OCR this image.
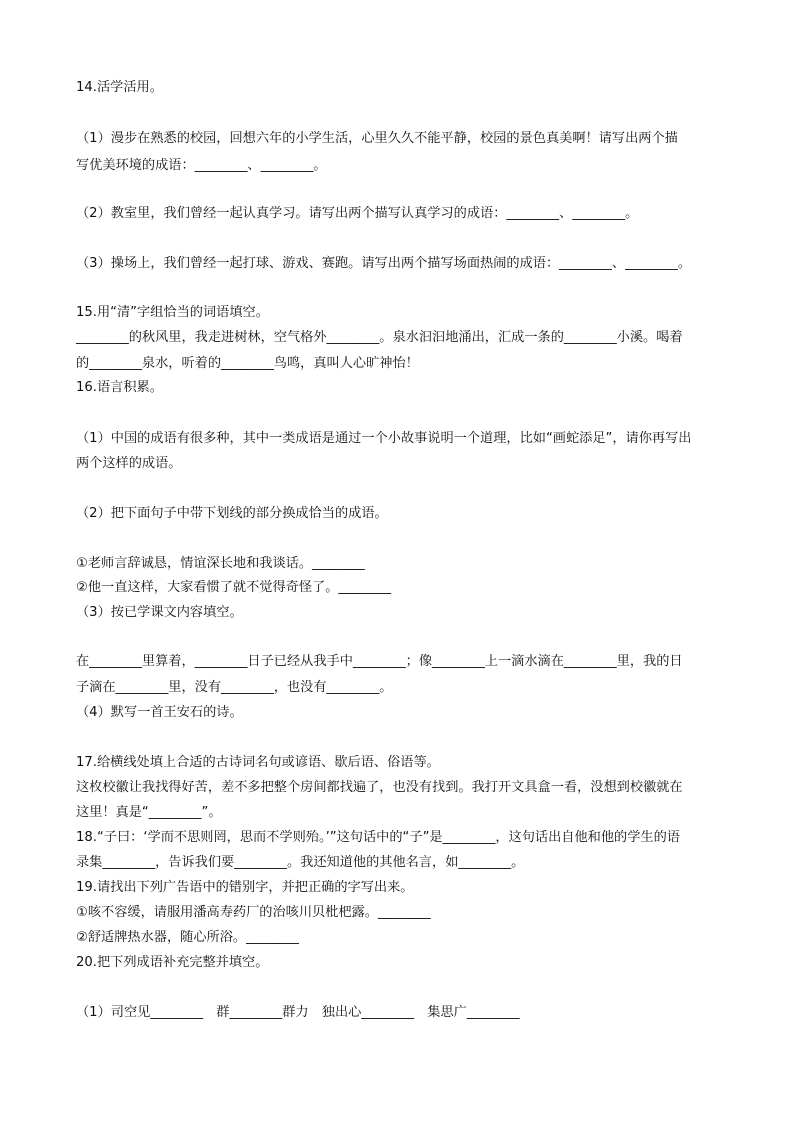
14.活学活用。
（1）漫步在熟悉的校园，回想六年的小学生活，心里久久不能平静，校园的景色真美啊！请写出两个描
写优美环境的成语：________、________。
（2）教室里，我们曾经一起认真学习。请写出两个描写认真学习的成语：________、________。
（3）操场上，我们曾经一起打球、游戏、赛跑。请写出两个描写场面热闹的成语：________、________。
15.用“清”字组恰当的词语填空。
________的秋风里，我走进树林，空气格外________。泉水汩汩地涌出，汇成一条的________小溪。喝着
的________泉水，听着的________鸟鸣，真叫人心旷神怡！
16.语言积累。
（1）中国的成语有很多种，其中一类成语是通过一个小故事说明一个道理，比如“画蛇添足”，请你再写出
两个这样的成语。
（2）把下面句子中带下划线的部分换成恰当的成语。
①老师言辞诚恳，情谊深长地和我谈话。________
②他一直这样，大家看惯了就不觉得奇怪了。________
（3）按已学课文内容填空。
在________里算着，________日子已经从我手中________；像________上一滴水滴在________里，我的日
子滴在________里，没有________，也没有________。
（4）默写一首王安石的诗。
17.给横线处填上合适的古诗词名句或谚语、歇后语、俗语等。
这枚校徽让我找得好苦，差不多把整个房间都找遍了，也没有找到。我打开文具盒一看，没想到校徽就在
这里！真是“________”。
18.“子曰：‘学而不思则罔，思而不学则殆。’”这句话中的“子”是________，这句话出自他和他的学生的语
录集________，告诉我们要________。我还知道他的其他名言，如________。
19.请找出下列广告语中的错别字，并把正确的字写出来。
①咳不容缓，请服用潘高寿药厂的治咳川贝枇杷露。________
②舒适牌热水器，随心所浴。________
20.把下列成语补充完整并填空。
（1）司空见________　群________群力　独出心________　集思广________
